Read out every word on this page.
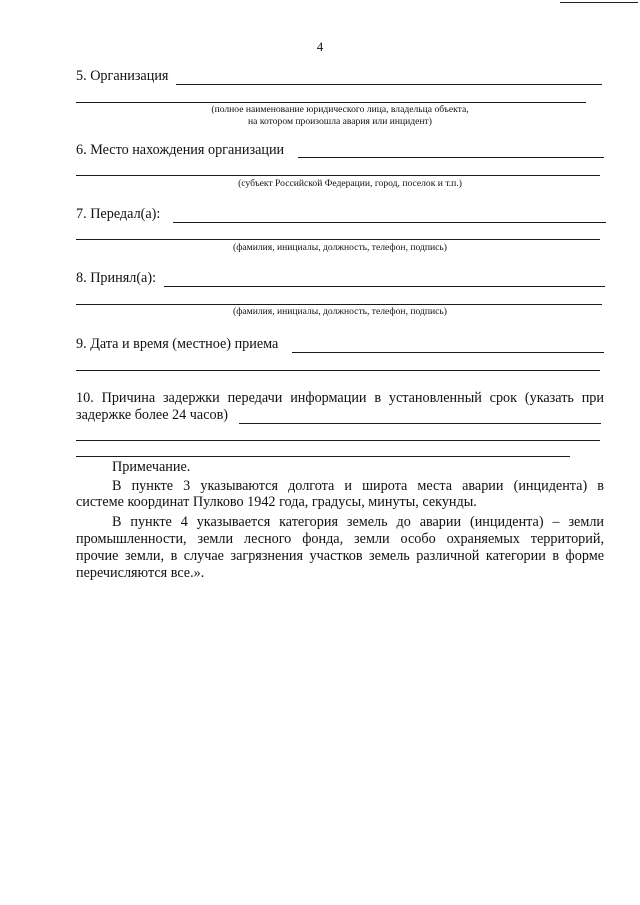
4
5. Организация
(полное наименование юридического лица, владельца объекта,
на котором произошла авария или инцидент)
6. Место нахождения организации
(субъект Российской Федерации, город, поселок и т.п.)
7. Передал(а):
(фамилия, инициалы, должность, телефон, подпись)
8. Принял(а):
(фамилия, инициалы, должность, телефон, подпись)
9. Дата и время (местное) приема
10. Причина задержки передачи информации в установленный срок (указать при
задержке более 24 часов)
Примечание.
В пункте 3 указываются долгота и широта места аварии (инцидента) в
системе координат Пулково 1942 года, градусы, минуты, секунды.
В пункте 4 указывается категория земель до аварии (инцидента) – земли
промышленности, земли лесного фонда, земли особо охраняемых территорий,
прочие земли, в случае загрязнения участков земель различной категории в форме
перечисляются все.».
